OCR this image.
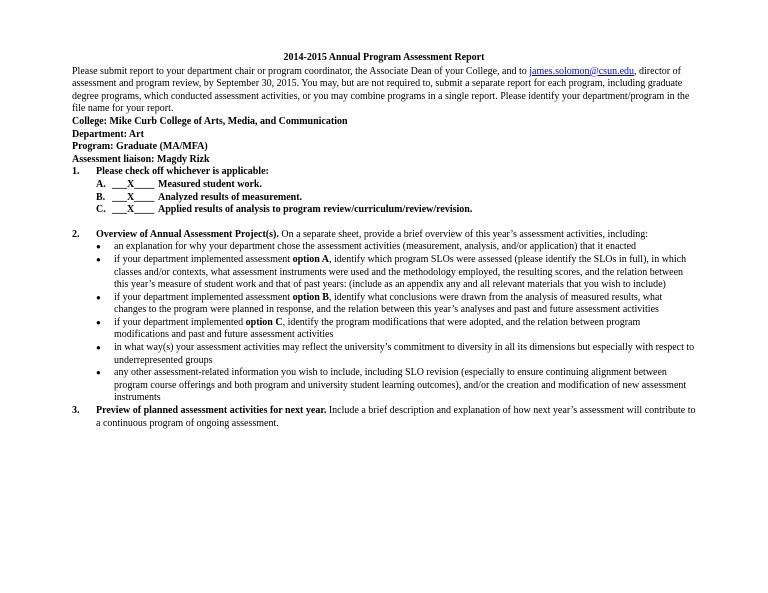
2014-2015 Annual Program Assessment Report

Please submit report to your department chair or program coordinator, the Associate Dean of your College, and to james.solomon@csun.edu, director of assessment and program review, by September 30, 2015. You may, but are not required to, submit a separate report for each program, including graduate degree programs, which conducted assessment activities, or you may combine programs in a single report. Please identify your department/program in the file name for your report.

College: Mike Curb College of Arts, Media, and Communication

Department: Art

Program: Graduate (MA/MFA)

Assessment liaison: Magdy Rizk

1.	Please check off whichever is applicable:
A. ___X____ Measured student work.
B. ___X____ Analyzed results of measurement.
C. ___X____ Applied results of analysis to program review/curriculum/review/revision.
2.	Overview of Annual Assessment Project(s). On a separate sheet, provide a brief overview of this year’s assessment activities, including:
●	an explanation for why your department chose the assessment activities (measurement, analysis, and/or application) that it enacted
●	if your department implemented assessment option A, identify which program SLOs were assessed (please identify the SLOs in full), in which classes and/or contexts, what assessment instruments were used and the methodology employed, the resulting scores, and the relation between this year’s measure of student work and that of past years: (include as an appendix any and all relevant materials that you wish to include)
●	if your department implemented assessment option B, identify what conclusions were drawn from the analysis of measured results, what changes to the program were planned in response, and the relation between this year’s analyses and past and future assessment activities
●	if your department implemented option C, identify the program modifications that were adopted, and the relation between program modifications and past and future assessment activities
●	in what way(s) your assessment activities may reflect the university’s commitment to diversity in all its dimensions but especially with respect to underrepresented groups
●	any other assessment-related information you wish to include, including SLO revision (especially to ensure continuing alignment between program course offerings and both program and university student learning outcomes), and/or the creation and modification of new assessment instruments
3.	Preview of planned assessment activities for next year. Include a brief description and explanation of how next year’s assessment will contribute to a continuous program of ongoing assessment.
